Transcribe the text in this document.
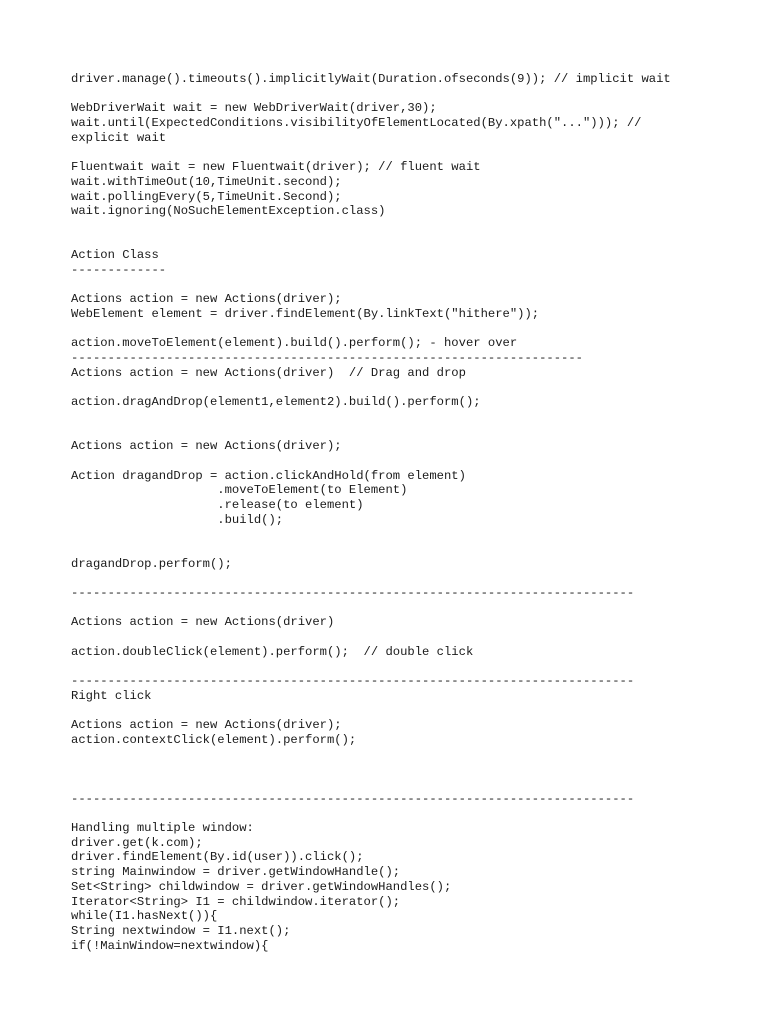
driver.manage().timeouts().implicitlyWait(Duration.ofseconds(9)); // implicit wait
WebDriverWait wait = new WebDriverWait(driver,30);
wait.until(ExpectedConditions.visibilityOfElementLocated(By.xpath("..."))); //
explicit wait
Fluentwait wait = new Fluentwait(driver); // fluent wait
wait.withTimeOut(10,TimeUnit.second);
wait.pollingEvery(5,TimeUnit.Second);
wait.ignoring(NoSuchElementException.class)
Action Class
-------------
Actions action = new Actions(driver);
WebElement element = driver.findElement(By.linkText("hithere"));
action.moveToElement(element).build().perform(); - hover over
----------------------------------------------------------------------
Actions action = new Actions(driver)  // Drag and drop
action.dragAndDrop(element1,element2).build().perform();
Actions action = new Actions(driver);
Action dragandDrop = action.clickAndHold(from element)
.moveToElement(to Element)
.release(to element)
.build();
dragandDrop.perform();
-----------------------------------------------------------------------------
Actions action = new Actions(driver)
action.doubleClick(element).perform();  // double click
-----------------------------------------------------------------------------
Right click
Actions action = new Actions(driver);
action.contextClick(element).perform();
-----------------------------------------------------------------------------
Handling multiple window:
driver.get(k.com);
driver.findElement(By.id(user)).click();
string Mainwindow = driver.getWindowHandle();
Set<String> childwindow = driver.getWindowHandles();
Iterator<String> I1 = childwindow.iterator();
while(I1.hasNext()){
String nextwindow = I1.next();
if(!MainWindow=nextwindow){
